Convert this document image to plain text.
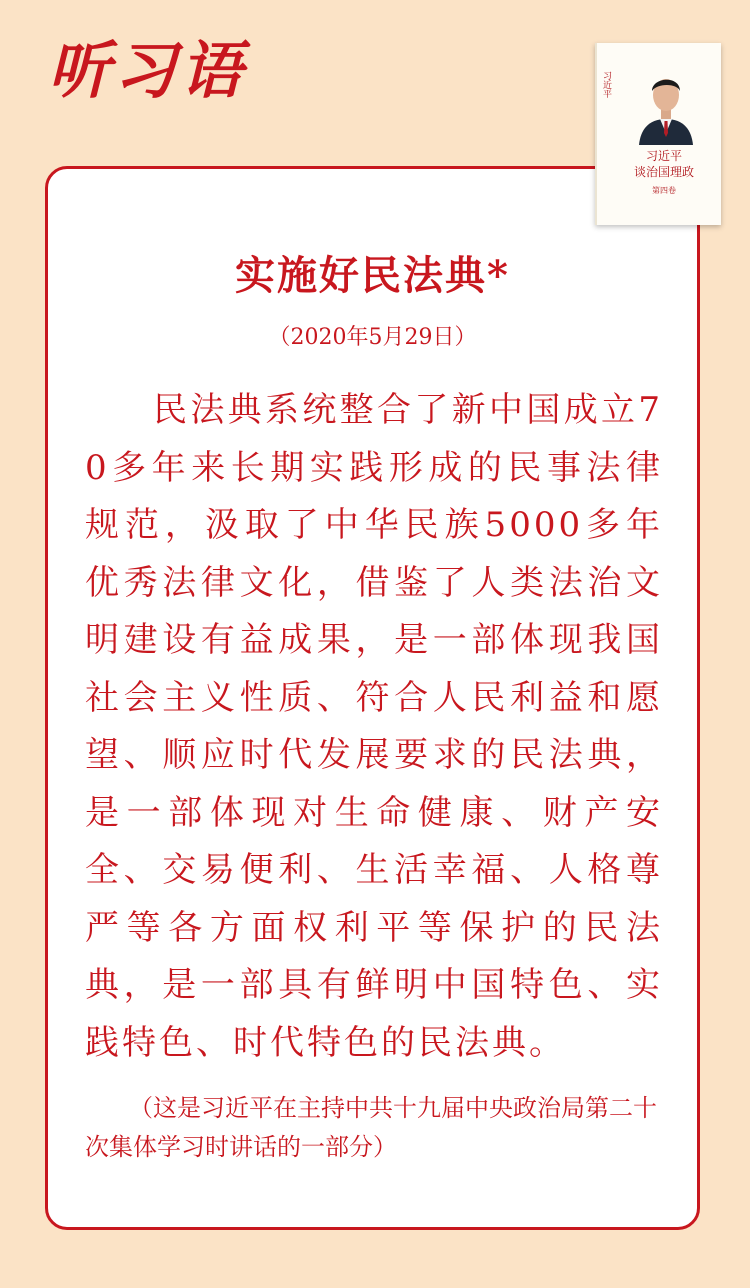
听习语	习近平
习近平
谈治国理政
第四卷
实施好民法典*
（2020年5月29日）

民法典系统整合了新中国成立70多年来长期实践形成的民事法律规范，汲取了中华民族5000多年优秀法律文化，借鉴了人类法治文明建设有益成果，是一部体现我国社会主义性质、符合人民利益和愿望、顺应时代发展要求的民法典，是一部体现对生命健康、财产安全、交易便利、生活幸福、人格尊严等各方面权利平等保护的民法典，是一部具有鲜明中国特色、实践特色、时代特色的民法典。

（这是习近平在主持中共十九届中央政治局第二十次集体学习时讲话的一部分）
